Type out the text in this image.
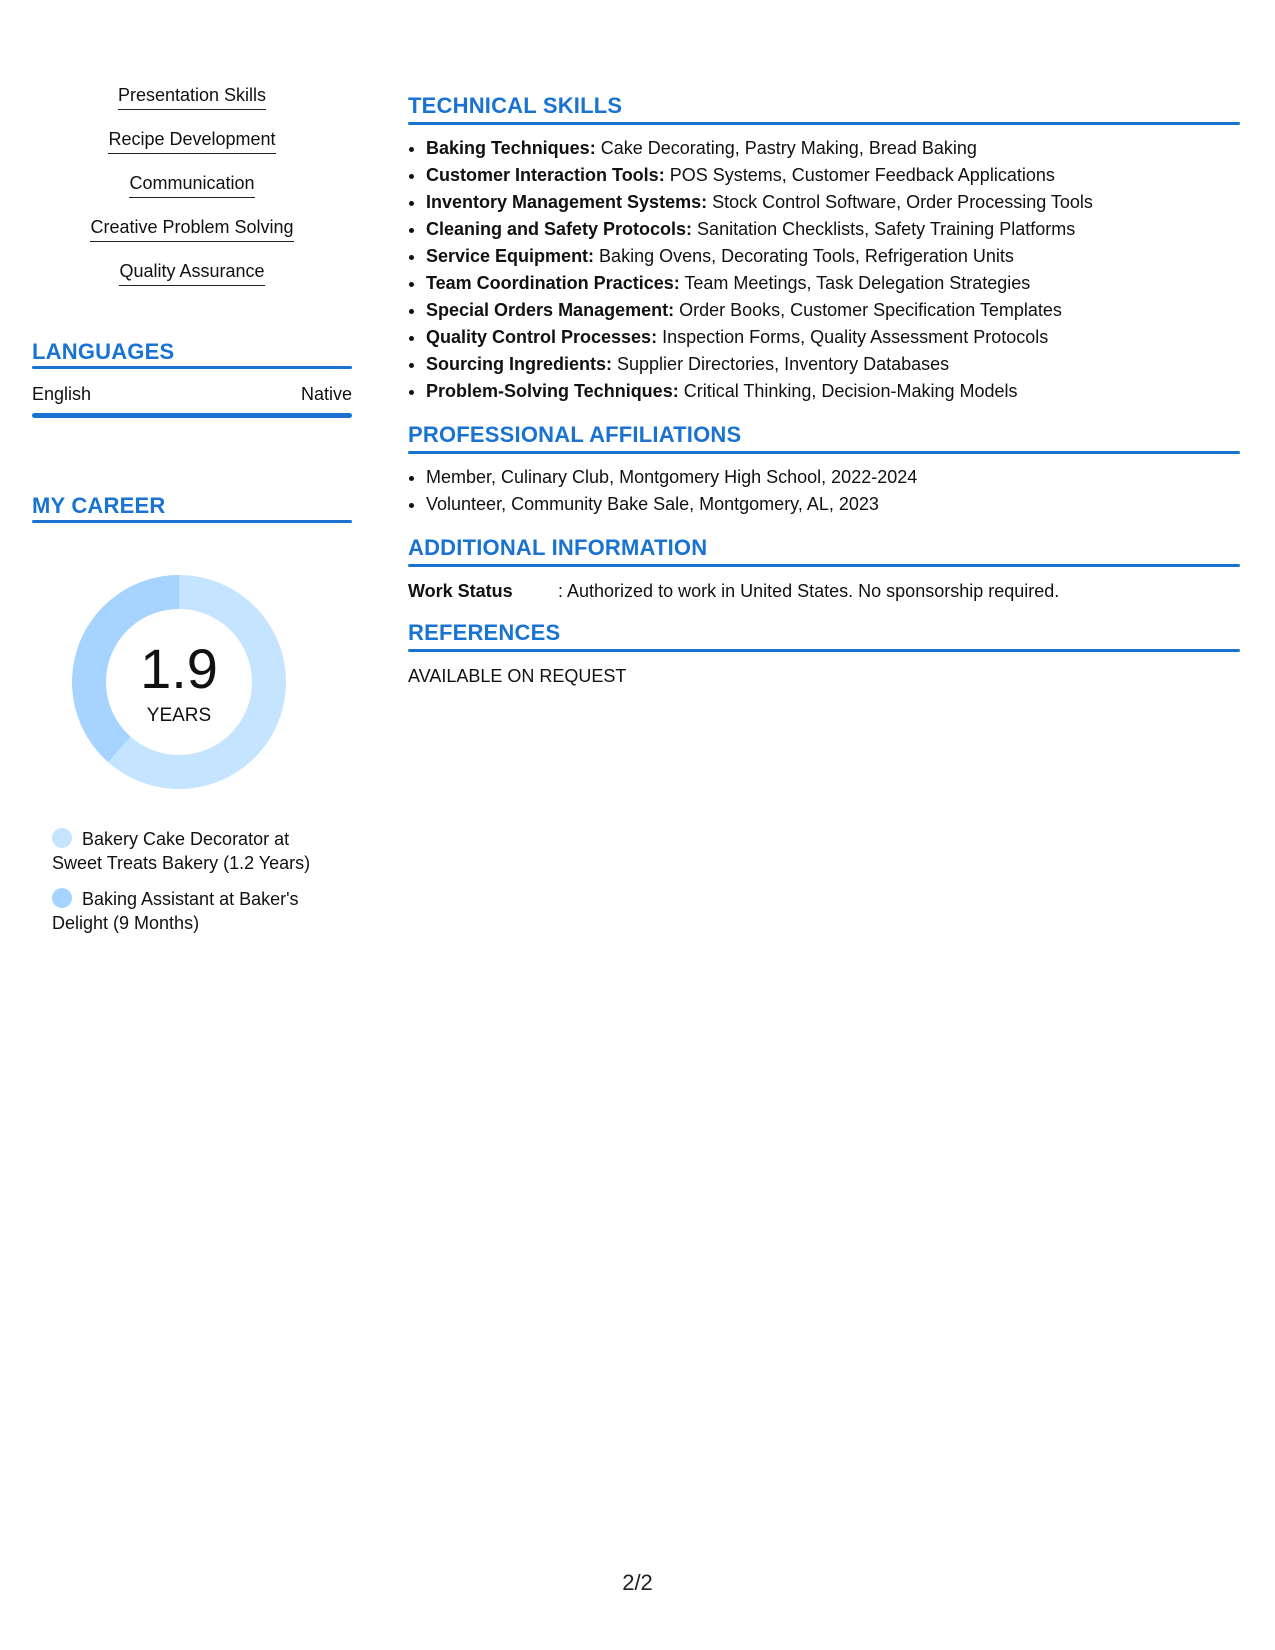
Presentation Skills
Recipe Development
Communication
Creative Problem Solving
Quality Assurance
LANGUAGES
English	Native
MY CAREER
1.9
YEARS
Bakery Cake Decorator at Sweet Treats Bakery (1.2 Years)
Baking Assistant at Baker's Delight (9 Months)
TECHNICAL SKILLS
• Baking Techniques: Cake Decorating, Pastry Making, Bread Baking
• Customer Interaction Tools: POS Systems, Customer Feedback Applications
• Inventory Management Systems: Stock Control Software, Order Processing Tools
• Cleaning and Safety Protocols: Sanitation Checklists, Safety Training Platforms
• Service Equipment: Baking Ovens, Decorating Tools, Refrigeration Units
• Team Coordination Practices: Team Meetings, Task Delegation Strategies
• Special Orders Management: Order Books, Customer Specification Templates
• Quality Control Processes: Inspection Forms, Quality Assessment Protocols
• Sourcing Ingredients: Supplier Directories, Inventory Databases
• Problem-Solving Techniques: Critical Thinking, Decision-Making Models
PROFESSIONAL AFFILIATIONS
• Member, Culinary Club, Montgomery High School, 2022-2024
• Volunteer, Community Bake Sale, Montgomery, AL, 2023
ADDITIONAL INFORMATION
Work Status	: Authorized to work in United States. No sponsorship required.
REFERENCES
AVAILABLE ON REQUEST
2/2
